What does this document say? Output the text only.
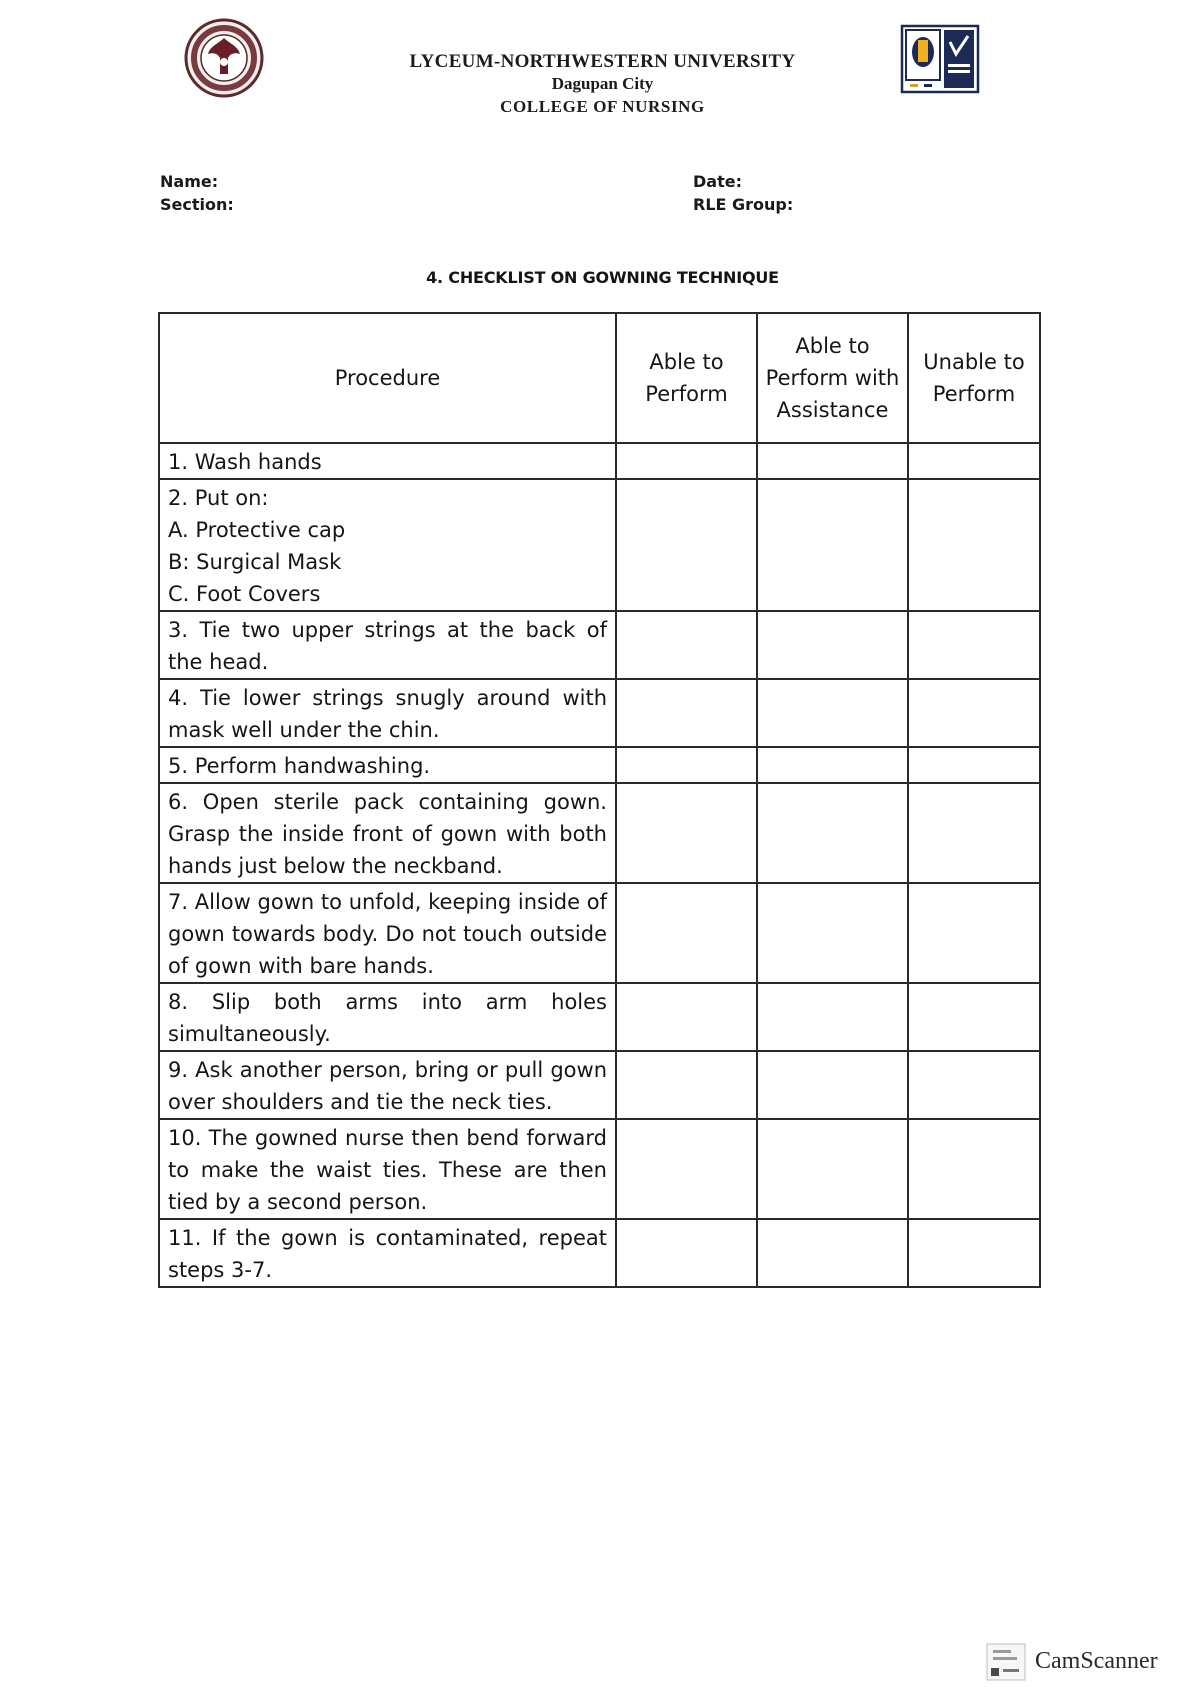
LYCEUM-NORTHWESTERN UNIVERSITY
Dagupan City
COLLEGE OF NURSING
Name:
Section:
Date:
RLE Group:
4. CHECKLIST ON GOWNING TECHNIQUE
Procedure	Able to Perform	Able to Perform with Assistance	Unable to Perform

1. Wash hands			

2. Put on:
A. Protective cap
B: Surgical Mask
C. Foot Covers			

3. Tie two upper strings at the back of the head.			

4. Tie lower strings snugly around with mask well under the chin.			

5. Perform handwashing.			

6. Open sterile pack containing gown. Grasp the inside front of gown with both hands just below the neckband.			

7. Allow gown to unfold, keeping inside of gown towards body. Do not touch outside of gown with bare hands.			

8. Slip both arms into arm holes simultaneously.			

9. Ask another person, bring or pull gown over shoulders and tie the neck ties.			

10. The gowned nurse then bend forward to make the waist ties. These are then tied by a second person.			

11. If the gown is contaminated, repeat steps 3-7.			

CamScanner
